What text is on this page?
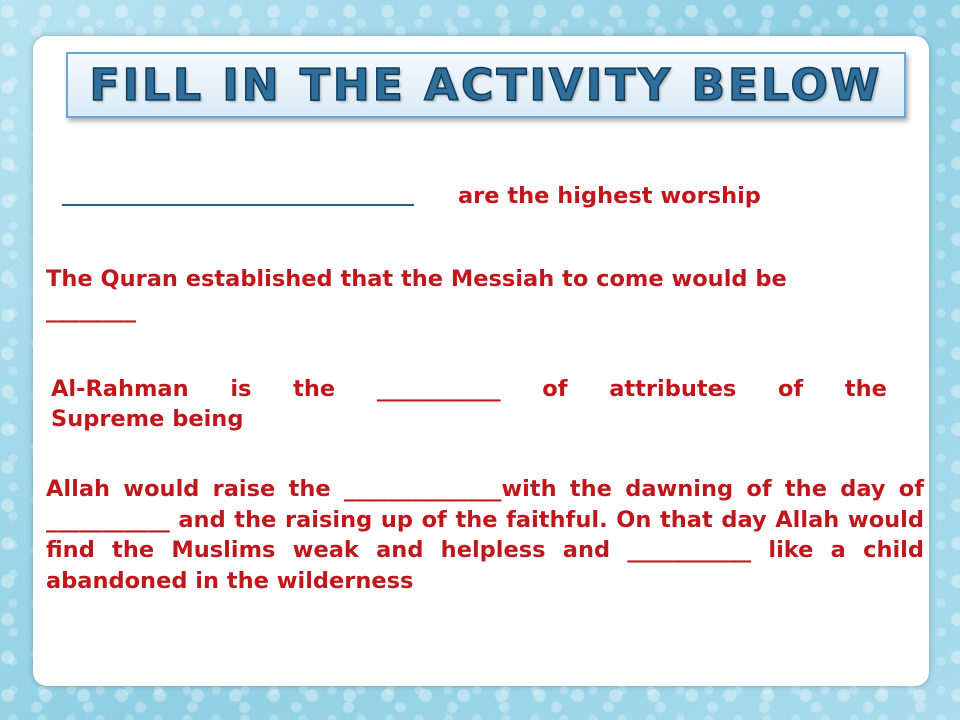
FILL IN THE ACTIVITY BELOW
are the highest worship
The Quran established that the Messiah to come would be
________
Al-Rahman is the ___________ of attributes of the
Supreme being
Allah would raise the ______________with the dawning of the day of ___________ and the raising up of the faithful. On that day Allah would find the Muslims weak and helpless and ___________ like a child abandoned in the wilderness
